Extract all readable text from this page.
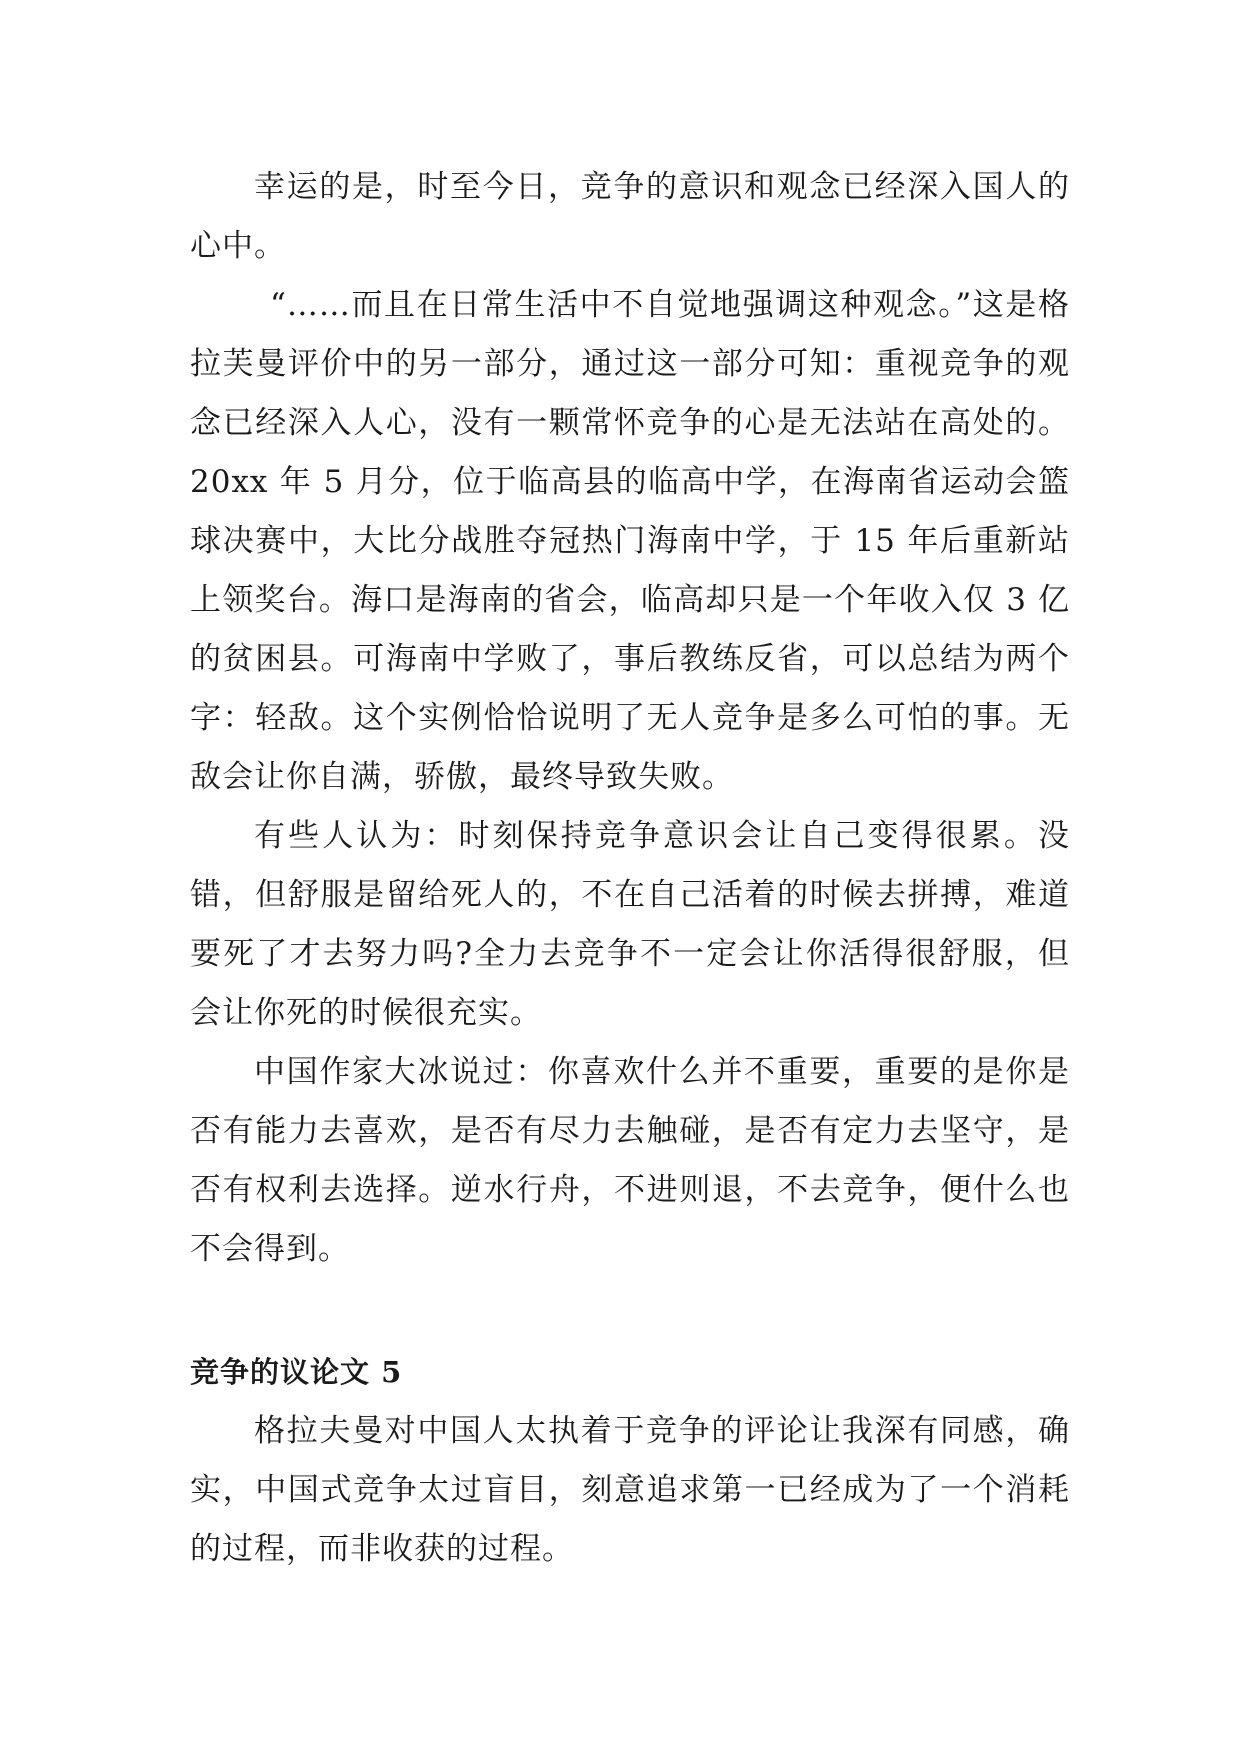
幸运的是，时至今日，竞争的意识和观念已经深入国人的心中。

“……而且在日常生活中不自觉地强调这种观念。”这是格拉芙曼评价中的另一部分，通过这一部分可知：重视竞争的观念已经深入人心，没有一颗常怀竞争的心是无法站在高处的。20xx 年 5 月分，位于临高县的临高中学，在海南省运动会篮球决赛中，大比分战胜夺冠热门海南中学，于 15 年后重新站上领奖台。海口是海南的省会，临高却只是一个年收入仅 3 亿的贫困县。可海南中学败了，事后教练反省，可以总结为两个字：轻敌。这个实例恰恰说明了无人竞争是多么可怕的事。无敌会让你自满，骄傲，最终导致失败。

有些人认为：时刻保持竞争意识会让自己变得很累。没错，但舒服是留给死人的，不在自己活着的时候去拼搏，难道要死了才去努力吗?全力去竞争不一定会让你活得很舒服，但会让你死的时候很充实。

中国作家大冰说过：你喜欢什么并不重要，重要的是你是否有能力去喜欢，是否有尽力去触碰，是否有定力去坚守，是否有权利去选择。逆水行舟，不进则退，不去竞争，便什么也不会得到。

竞争的议论文 5

格拉夫曼对中国人太执着于竞争的评论让我深有同感，确实，中国式竞争太过盲目，刻意追求第一已经成为了一个消耗的过程，而非收获的过程。
